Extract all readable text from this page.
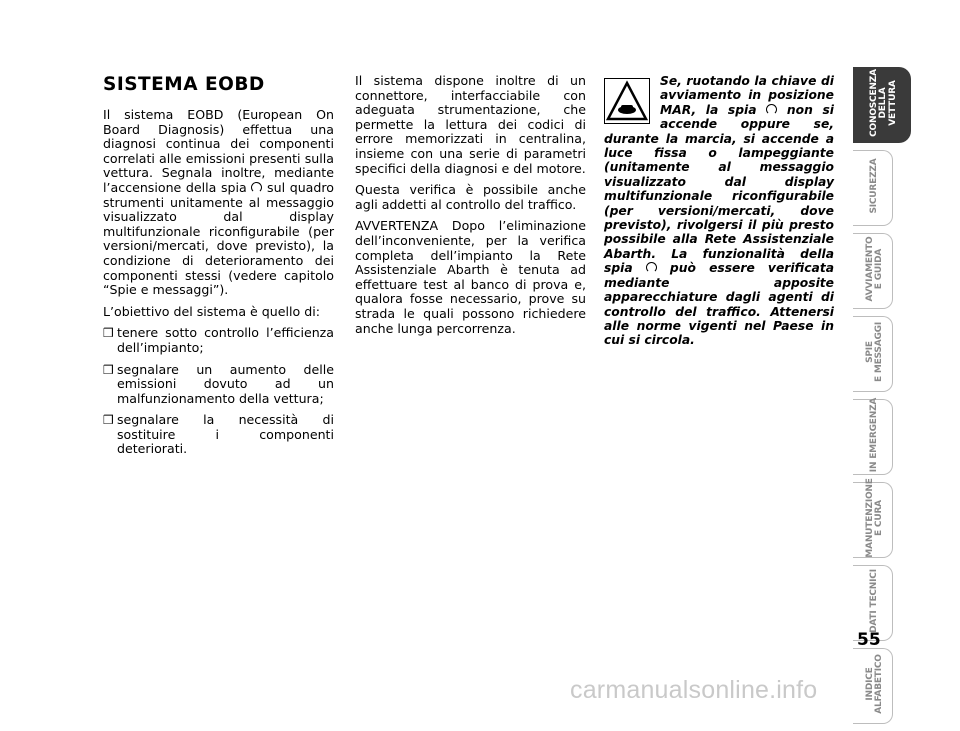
SISTEMA EOBD

Il sistema EOBD (European On Board Diagnosis) effettua una diagnosi continua dei componenti correlati alle emissioni presenti sulla vettura. Segnala inoltre, mediante l’accensione della spia sul quadro strumenti unitamente al messaggio visualizzato dal display multifunzionale riconfigurabile (per versioni/mercati, dove previsto), la condizione di deterioramento dei componenti stessi (vedere capitolo “Spie e messaggi”).

L’obiettivo del sistema è quello di:

❒ tenere sotto controllo l’efficienza dell’impianto;
❒ segnalare un aumento delle emissioni dovuto ad un malfunzionamento della vettura;
❒ segnalare la necessità di sostituire i componenti deteriorati.

Il sistema dispone inoltre di un connettore, interfacciabile con adeguata strumentazione, che permette la lettura dei codici di errore memorizzati in centralina, insieme con una serie di parametri specifici della diagnosi e del motore.

Questa verifica è possibile anche agli addetti al controllo del traffico.

AVVERTENZA Dopo l’eliminazione dell’inconveniente, per la verifica completa dell’impianto la Rete Assistenziale Abarth è tenuta ad effettuare test al banco di prova e, qualora fosse necessario, prove su strada le quali possono richiedere anche lunga percorrenza.

Se, ruotando la chiave di avviamento in posizione MAR, la spia non si accende oppure se, durante la marcia, si accende a luce fissa o lampeggiante (unitamente al messaggio visualizzato dal display multifunzionale riconfigurabile (per versioni/mercati, dove previsto), rivolgersi il più presto possibile alla Rete Assistenziale Abarth. La funzionalità della spia	può essere verificata mediante apposite apparecchiature dagli agenti di controllo del traffico. Attenersi alle norme vigenti nel Paese in cui si circola.
CONOSCENZA DELLA VETTURA
SICUREZZA
AVVIAMENTO E GUIDA
SPIE E MESSAGGI
IN EMERGENZA
MANUTENZIONE E CURA
DATI TECNICI
INDICE ALFABETICO
55
carmanualsonline.info
